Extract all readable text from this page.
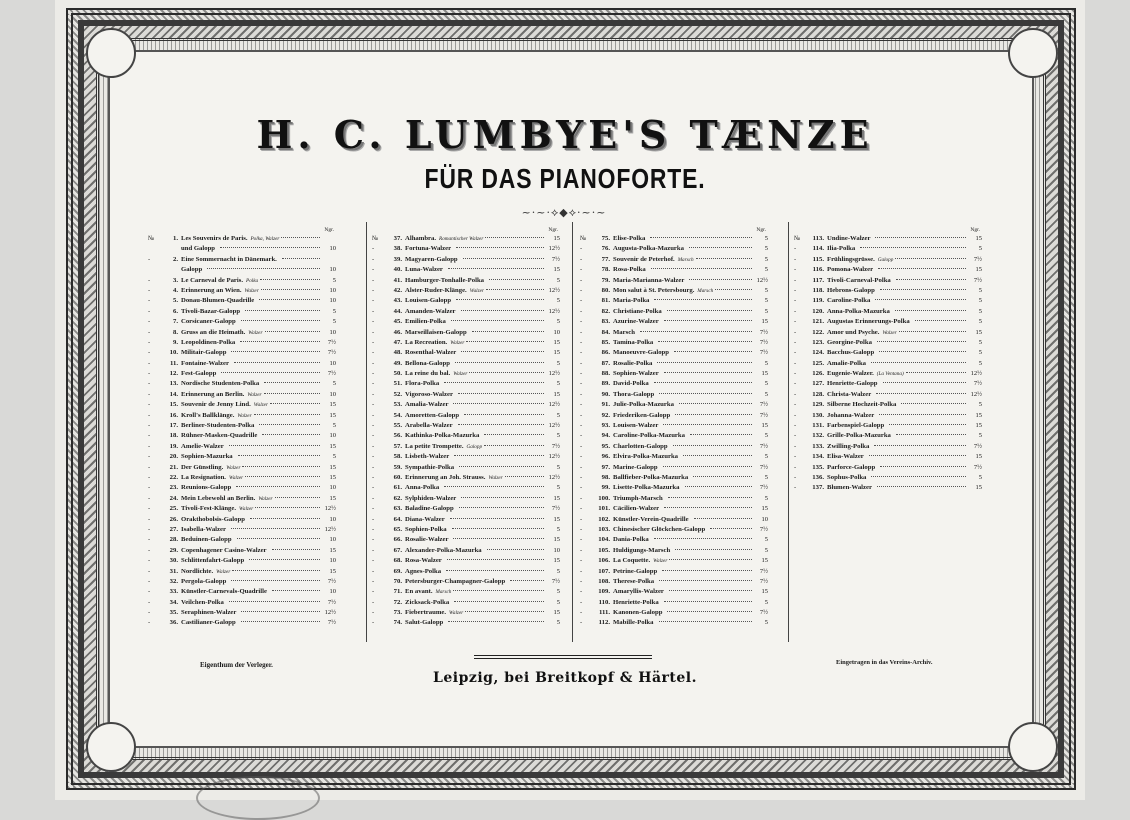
H. C. LUMBYE'S TÆNZE
FÜR DAS PIANOFORTE.
~·~·⟡◆⟡·~·~
Ngr.
№	1. Les Souvenirs de Paris. Polka, Walzer
und Galopp	10
-	2. Eine Sommernacht in Dänemark.
Galopp	10
-	3. Le Carneval de Paris. Polka	5
-	4. Erinnerung an Wien. Walzer	10
-	5. Donau-Blumen-Quadrille	10
-	6. Tivoli-Bazar-Galopp	5
-	7. Corsicaner-Galopp	5
-	8. Gruss an die Heimath. Walzer	10
-	9. Leopoldinen-Polka	7½
-	10. Militair-Galopp	7½
-	11. Fontaine-Walzer	10
-	12. Fest-Galopp	7½
-	13. Nordische Studenten-Polka	5
-	14. Erinnerung an Berlin. Walzer	10
-	15. Souvenir de Jenny Lind. Walzer	15
-	16. Kroll's Ballklänge. Walzer	15
-	17. Berliner-Studenten-Polka	5
-	18. Rühner-Masken-Quadrille	10
-	19. Amelie-Walzer	15
-	20. Sophien-Mazurka	5
-	21. Der Günstling. Walzer	15
-	22. La Resignation. Walzer	15
-	23. Reunions-Galopp	10
-	24. Mein Lebewohl an Berlin. Walzer	15
-	25. Tivoli-Fest-Klänge. Walzer	12½
-	26. Orakthobolsis-Galopp	10
-	27. Isabella-Walzer	12½
-	28. Beduinen-Galopp	10
-	29. Copenhagener Casino-Walzer	15
-	30. Schlittenfahrt-Galopp	10
-	31. Nordlichte. Walzer	15
-	32. Pergola-Galopp	7½
-	33. Künstler-Carnevals-Quadrille	10
-	34. Veilchen-Polka	7½
-	35. Seraphinen-Walzer	12½
-	36. Castilianer-Galopp	7½
Ngr.
№	37. Alhambra. Romantischer Walzer	15
-	38. Fortuna-Walzer	12½
-	39. Magyaren-Galopp	7½
-	40. Luna-Walzer	15
-	41. Hamburger-Tonhalle-Polka	5
-	42. Alster-Ruder-Klänge. Walzer	12½
-	43. Louisen-Galopp	5
-	44. Amanden-Walzer	12½
-	45. Emilien-Polka	5
-	46. Marseillaisen-Galopp	10
-	47. La Recreation. Walzer	15
-	48. Rosenthal-Walzer	15
-	49. Bellona-Galopp	5
-	50. La reine du bal. Walzer	12½
-	51. Flora-Polka	5
-	52. Vigoroso-Walzer	15
-	53. Amalia-Walzer	12½
-	54. Amoretten-Galopp	5
-	55. Arabella-Walzer	12½
-	56. Kathinka-Polka-Mazurka	5
-	57. La petite Trompette. Galopp	7½
-	58. Lisbeth-Walzer	12½
-	59. Sympathie-Polka	5
-	60. Erinnerung an Joh. Strauss. Walzer	12½
-	61. Anna-Polka	5
-	62. Sylphiden-Walzer	15
-	63. Baladine-Galopp	7½
-	64. Diana-Walzer	15
-	65. Sophien-Polka	5
-	66. Rosalie-Walzer	15
-	67. Alexander-Polka-Mazurka	10
-	68. Rosa-Walzer	15
-	69. Agnes-Polka	5
-	70. Petersburger-Champagner-Galopp	7½
-	71. En avant. Marsch	5
-	72. Zicksack-Polka	5
-	73. Fiebertraume. Walzer	15
-	74. Salut-Galopp	5
Ngr.
№	75. Elise-Polka	5
-	76. Augusta-Polka-Mazurka	5
-	77. Souvenir de Peterhof. Marsch	5
-	78. Rosa-Polka	5
-	79. Maria-Marianna-Walzer	12½
-	80. Mon salut à St. Petersbourg. Marsch	5
-	81. Maria-Polka	5
-	82. Christiane-Polka	5
-	83. Azurine-Walzer	15
-	84. Marsch	7½
-	85. Tamina-Polka	7½
-	86. Manoeuvre-Galopp	7½
-	87. Rosalie-Polka	5
-	88. Sophien-Walzer	15
-	89. David-Polka	5
-	90. Thora-Galopp	5
-	91. Julie-Polka-Mazurka	7½
-	92. Friederiken-Galopp	7½
-	93. Louisen-Walzer	15
-	94. Caroline-Polka-Mazurka	5
-	95. Charlotten-Galopp	7½
-	96. Elvira-Polka-Mazurka	5
-	97. Marine-Galopp	7½
-	98. Ballfieber-Polka-Mazurka	5
-	99. Lisette-Polka-Mazurka	7½
-	100. Triumph-Marsch	5
-	101. Cäcilien-Walzer	15
-	102. Künstler-Verein-Quadrille	10
-	103. Chinesischer Glöckchen-Galopp	7½
-	104. Dania-Polka	5
-	105. Huldigungs-Marsch	5
-	106. La Coquette. Walzer	15
-	107. Petrine-Galopp	7½
-	108. Therese-Polka	7½
-	109. Amaryllis-Walzer	15
-	110. Henriette-Polka	5
-	111. Kanonen-Galopp	7½
-	112. Mabille-Polka	5
Ngr.
№	113. Undine-Walzer	15
-	114. Ilia-Polka	5
-	115. Frühlingsgrüsse. Galopp	7½
-	116. Pomona-Walzer	15
-	117. Tivoli-Carneval-Polka	7½
-	118. Hebrons-Galopp	5
-	119. Caroline-Polka	5
-	120. Anna-Polka-Mazurka	5
-	121. Augustas Erinnerungs-Polka	5
-	122. Amor und Psyche. Walzer	15
-	123. Georgine-Polka	5
-	124. Bacchus-Galopp	5
-	125. Amalie-Polka	5
-	126. Eugenie-Walzer. (La Ventana)	12½
-	127. Henriette-Galopp	7½
-	128. Christa-Walzer	12½
-	129. Silberne Hochzeit-Polka	5
-	130. Johanna-Walzer	15
-	131. Farbenspiel-Galopp	15
-	132. Grille-Polka-Mazurka	5
-	133. Zwilling-Polka	7½
-	134. Elisa-Walzer	15
-	135. Parforce-Galopp	7½
-	136. Sophus-Polka	5
-	137. Blumen-Walzer	15
Eigenthum der Verleger.
Leipzig, bei Breitkopf & Härtel.
Eingetragen in das Vereins-Archiv.
